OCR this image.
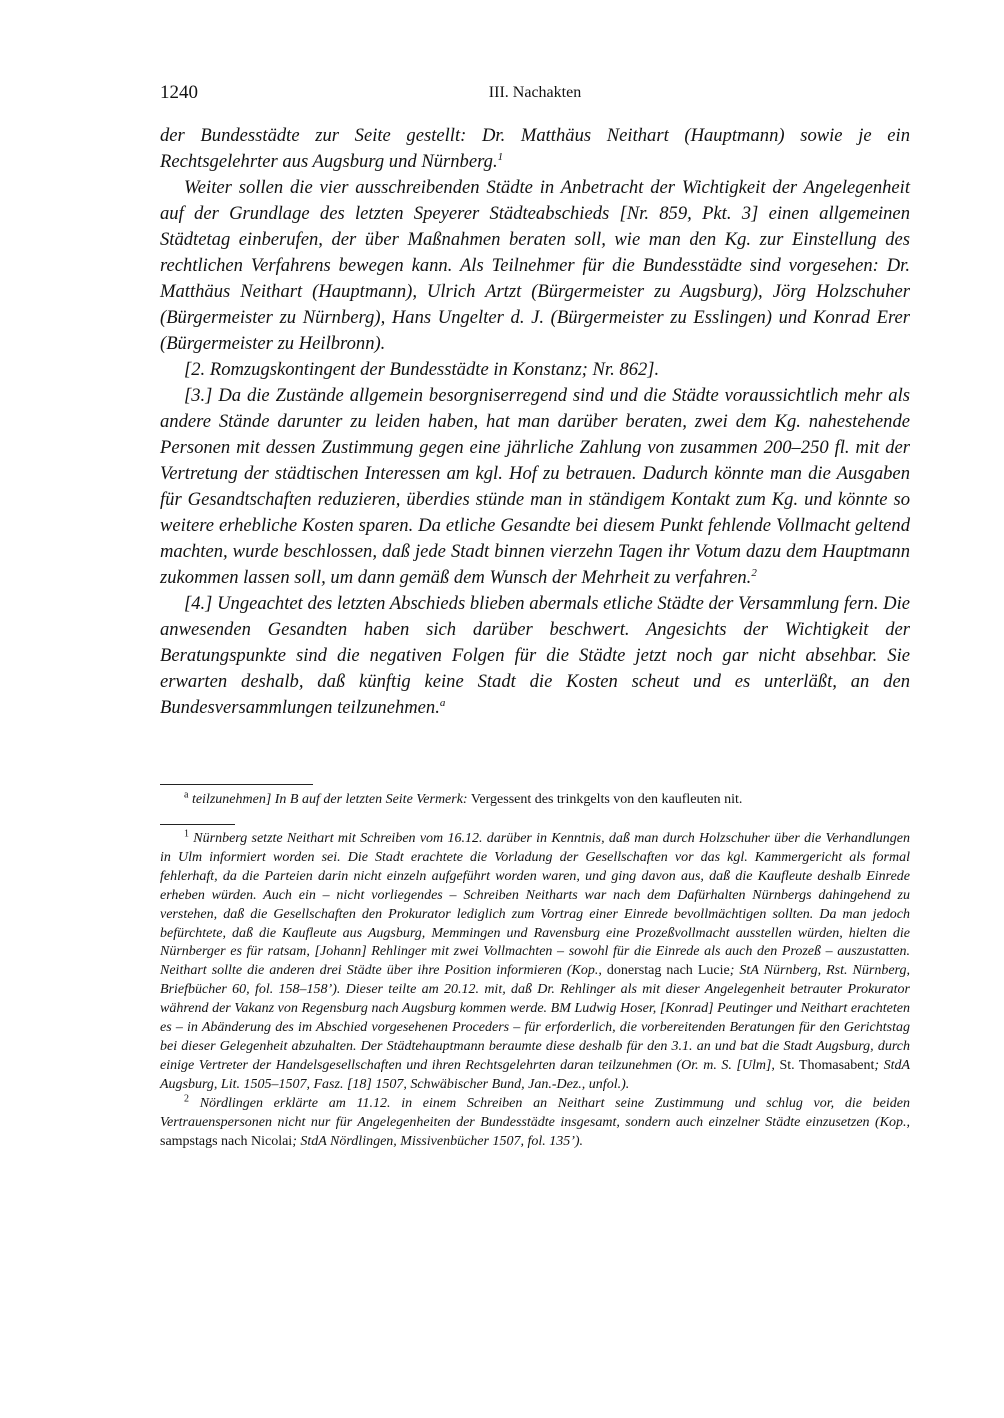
1240	III. Nachakten

der Bundesstädte zur Seite gestellt: Dr. Matthäus Neithart (Hauptmann) sowie je ein Rechtsgelehrter aus Augsburg und Nürnberg.$^1$

Weiter sollen die vier ausschreibenden Städte in Anbetracht der Wichtigkeit der Angelegenheit auf der Grundlage des letzten Speyerer Städteabschieds [Nr. 859, Pkt. 3] einen allgemeinen Städtetag einberufen, der über Maßnahmen beraten soll, wie man den Kg. zur Einstellung des rechtlichen Verfahrens bewegen kann. Als Teilnehmer für die Bundesstädte sind vorgesehen: Dr. Matthäus Neithart (Hauptmann), Ulrich Artzt (Bürgermeister zu Augsburg), Jörg Holzschuher (Bürgermeister zu Nürnberg), Hans Ungelter d. J. (Bürgermeister zu Esslingen) und Konrad Erer (Bürgermeister zu Heilbronn).

[2. Romzugskontingent der Bundesstädte in Konstanz; Nr. 862].

[3.] Da die Zustände allgemein besorgniserregend sind und die Städte voraussichtlich mehr als andere Stände darunter zu leiden haben, hat man darüber beraten, zwei dem Kg. nahestehende Personen mit dessen Zustimmung gegen eine jährliche Zahlung von zusammen 200–250 fl. mit der Vertretung der städtischen Interessen am kgl. Hof zu betrauen. Dadurch könnte man die Ausgaben für Gesandtschaften reduzieren, überdies stünde man in ständigem Kontakt zum Kg. und könnte so weitere erhebliche Kosten sparen. Da etliche Gesandte bei diesem Punkt fehlende Vollmacht geltend machten, wurde beschlossen, daß jede Stadt binnen vierzehn Tagen ihr Votum dazu dem Hauptmann zukommen lassen soll, um dann gemäß dem Wunsch der Mehrheit zu verfahren.$^2$

[4.] Ungeachtet des letzten Abschieds blieben abermals etliche Städte der Versammlung fern. Die anwesenden Gesandten haben sich darüber beschwert. Angesichts der Wichtigkeit der Beratungspunkte sind die negativen Folgen für die Städte jetzt noch gar nicht absehbar. Sie erwarten deshalb, daß künftig keine Stadt die Kosten scheut und es unterläßt, an den Bundesversammlungen teilzunehmen.$^a$

$^a$ teilzunehmen] In B auf der letzten Seite Vermerk: Vergessent des trinkgelts von den kaufleuten nit.

$^1$ Nürnberg setzte Neithart mit Schreiben vom 16.12. darüber in Kenntnis, daß man durch Holzschuher über die Verhandlungen in Ulm informiert worden sei. Die Stadt erachtete die Vorladung der Gesellschaften vor das kgl. Kammergericht als formal fehlerhaft, da die Parteien darin nicht einzeln aufgeführt worden waren, und ging davon aus, daß die Kaufleute deshalb Einrede erheben würden. Auch ein – nicht vorliegendes – Schreiben Neitharts war nach dem Dafürhalten Nürnbergs dahingehend zu verstehen, daß die Gesellschaften den Prokurator lediglich zum Vortrag einer Einrede bevollmächtigen sollten. Da man jedoch befürchtete, daß die Kaufleute aus Augsburg, Memmingen und Ravensburg eine Prozeßvollmacht ausstellen würden, hielten die Nürnberger es für ratsam, [Johann] Rehlinger mit zwei Vollmachten – sowohl für die Einrede als auch den Prozeß – auszustatten. Neithart sollte die anderen drei Städte über ihre Position informieren (Kop., donerstag nach Lucie; StA Nürnberg, Rst. Nürnberg, Briefbücher 60, fol. 158–158’). Dieser teilte am 20.12. mit, daß Dr. Rehlinger als mit dieser Angelegenheit betrauter Prokurator während der Vakanz von Regensburg nach Augsburg kommen werde. BM Ludwig Hoser, [Konrad] Peutinger und Neithart erachteten es – in Abänderung des im Abschied vorgesehenen Proceders – für erforderlich, die vorbereitenden Beratungen für den Gerichtstag bei dieser Gelegenheit abzuhalten. Der Städtehauptmann beraumte diese deshalb für den 3.1. an und bat die Stadt Augsburg, durch einige Vertreter der Handelsgesellschaften und ihren Rechtsgelehrten daran teilzunehmen (Or. m. S. [Ulm], St. Thomasabent; StdA Augsburg, Lit. 1505–1507, Fasz. [18] 1507, Schwäbischer Bund, Jan.-Dez., unfol.).

$^2$ Nördlingen erklärte am 11.12. in einem Schreiben an Neithart seine Zustimmung und schlug vor, die beiden Vertrauenspersonen nicht nur für Angelegenheiten der Bundesstädte insgesamt, sondern auch einzelner Städte einzusetzen (Kop., sampstags nach Nicolai; StdA Nördlingen, Missivenbücher 1507, fol. 135’).
